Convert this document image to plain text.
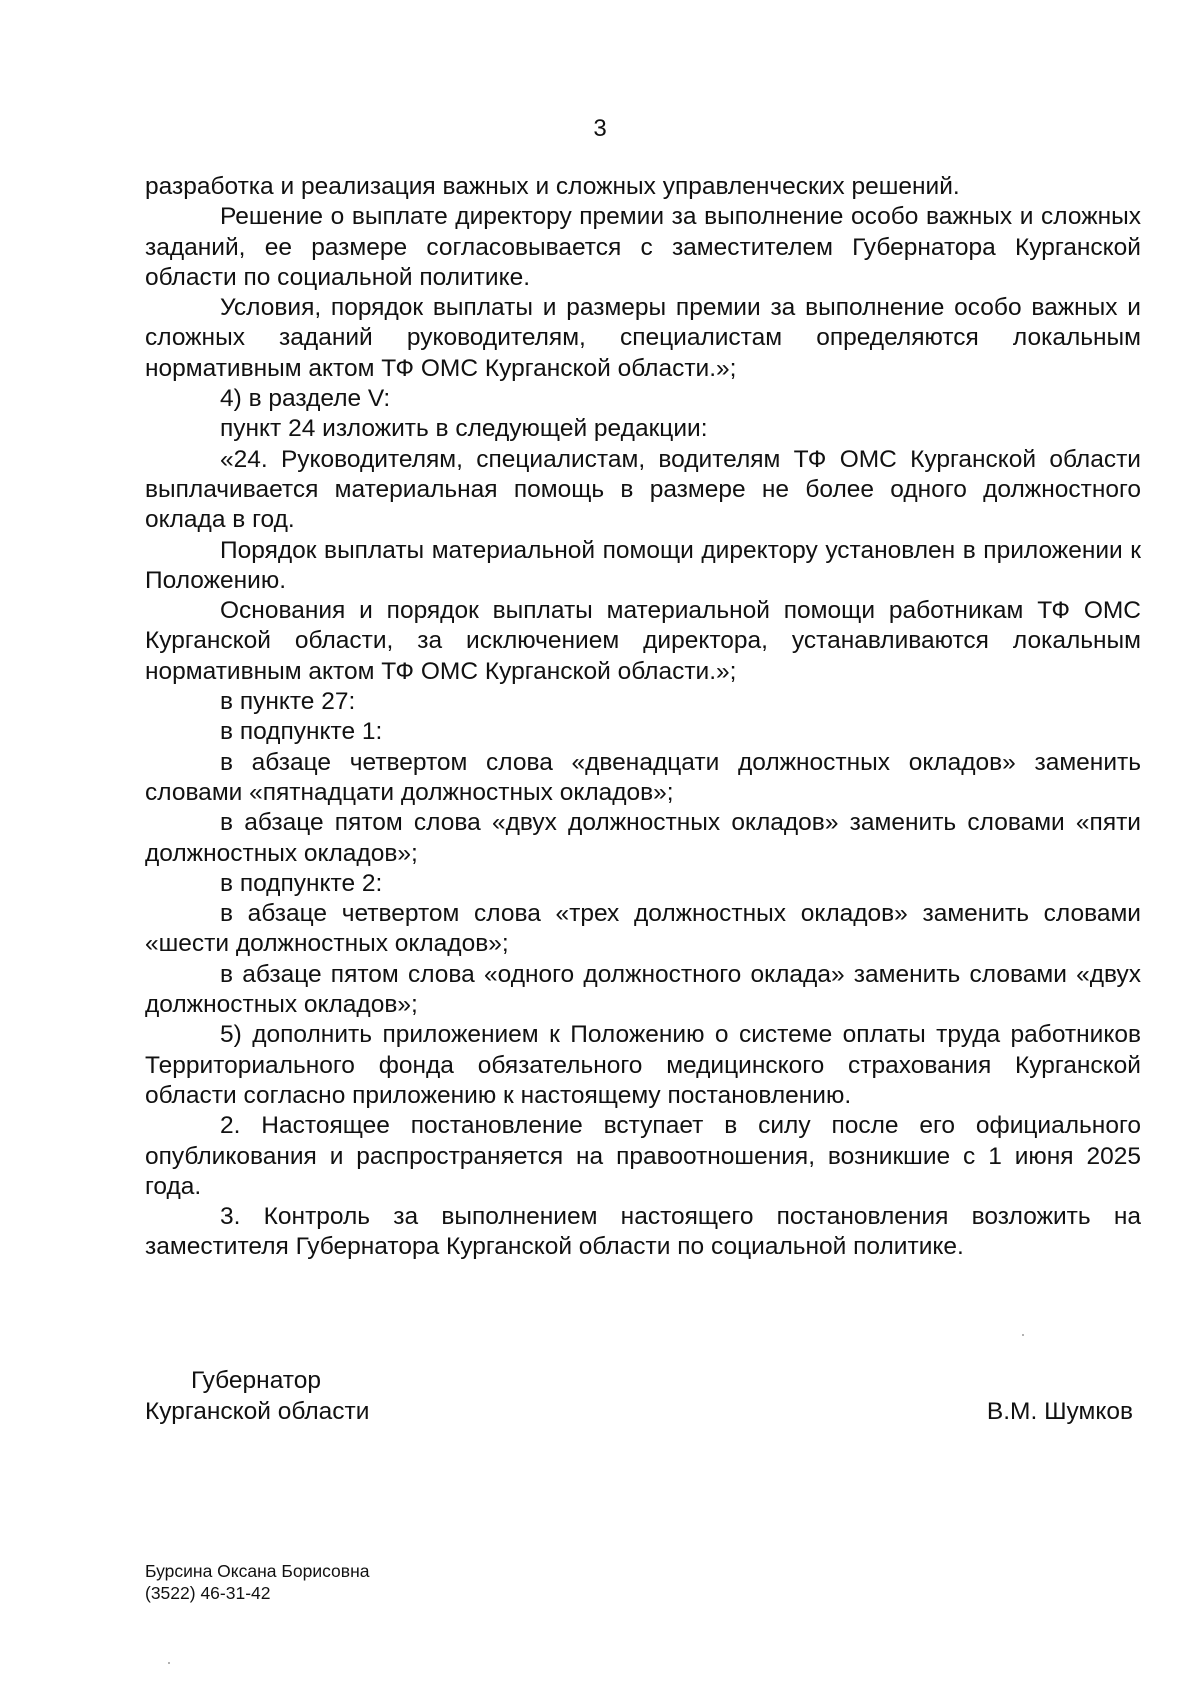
3

разработка и реализация важных и сложных управленческих решений.

Решение о выплате директору премии за выполнение особо важных и сложных заданий, ее размере согласовывается с заместителем Губернатора Курганской области по социальной политике.

Условия, порядок выплаты и размеры премии за выполнение особо важных и сложных заданий руководителям, специалистам определяются локальным нормативным актом ТФ ОМС Курганской области.»;

4) в разделе V:

пункт 24 изложить в следующей редакции:

«24. Руководителям, специалистам, водителям ТФ ОМС Курганской области выплачивается материальная помощь в размере не более одного должностного оклада в год.

Порядок выплаты материальной помощи директору установлен в приложении к Положению.

Основания и порядок выплаты материальной помощи работникам ТФ ОМС Курганской области, за исключением директора, устанавливаются локальным нормативным актом ТФ ОМС Курганской области.»;

в пункте 27:

в подпункте 1:

в абзаце четвертом слова «двенадцати должностных окладов» заменить словами «пятнадцати должностных окладов»;

в абзаце пятом слова «двух должностных окладов» заменить словами «пяти должностных окладов»;

в подпункте 2:

в абзаце четвертом слова «трех должностных окладов» заменить словами «шести должностных окладов»;

в абзаце пятом слова «одного должностного оклада» заменить словами «двух должностных окладов»;

5) дополнить приложением к Положению о системе оплаты труда работников Территориального фонда обязательного медицинского страхования Курганской области согласно приложению к настоящему постановлению.

2. Настоящее постановление вступает в силу после его официального опубликования и распространяется на правоотношения, возникшие с 1 июня 2025 года.

3. Контроль за выполнением настоящего постановления возложить на заместителя Губернатора Курганской области по социальной политике.

Губернатор
Курганской области	В.М. Шумков
Бурсина Оксана Борисовна
(3522) 46-31-42
